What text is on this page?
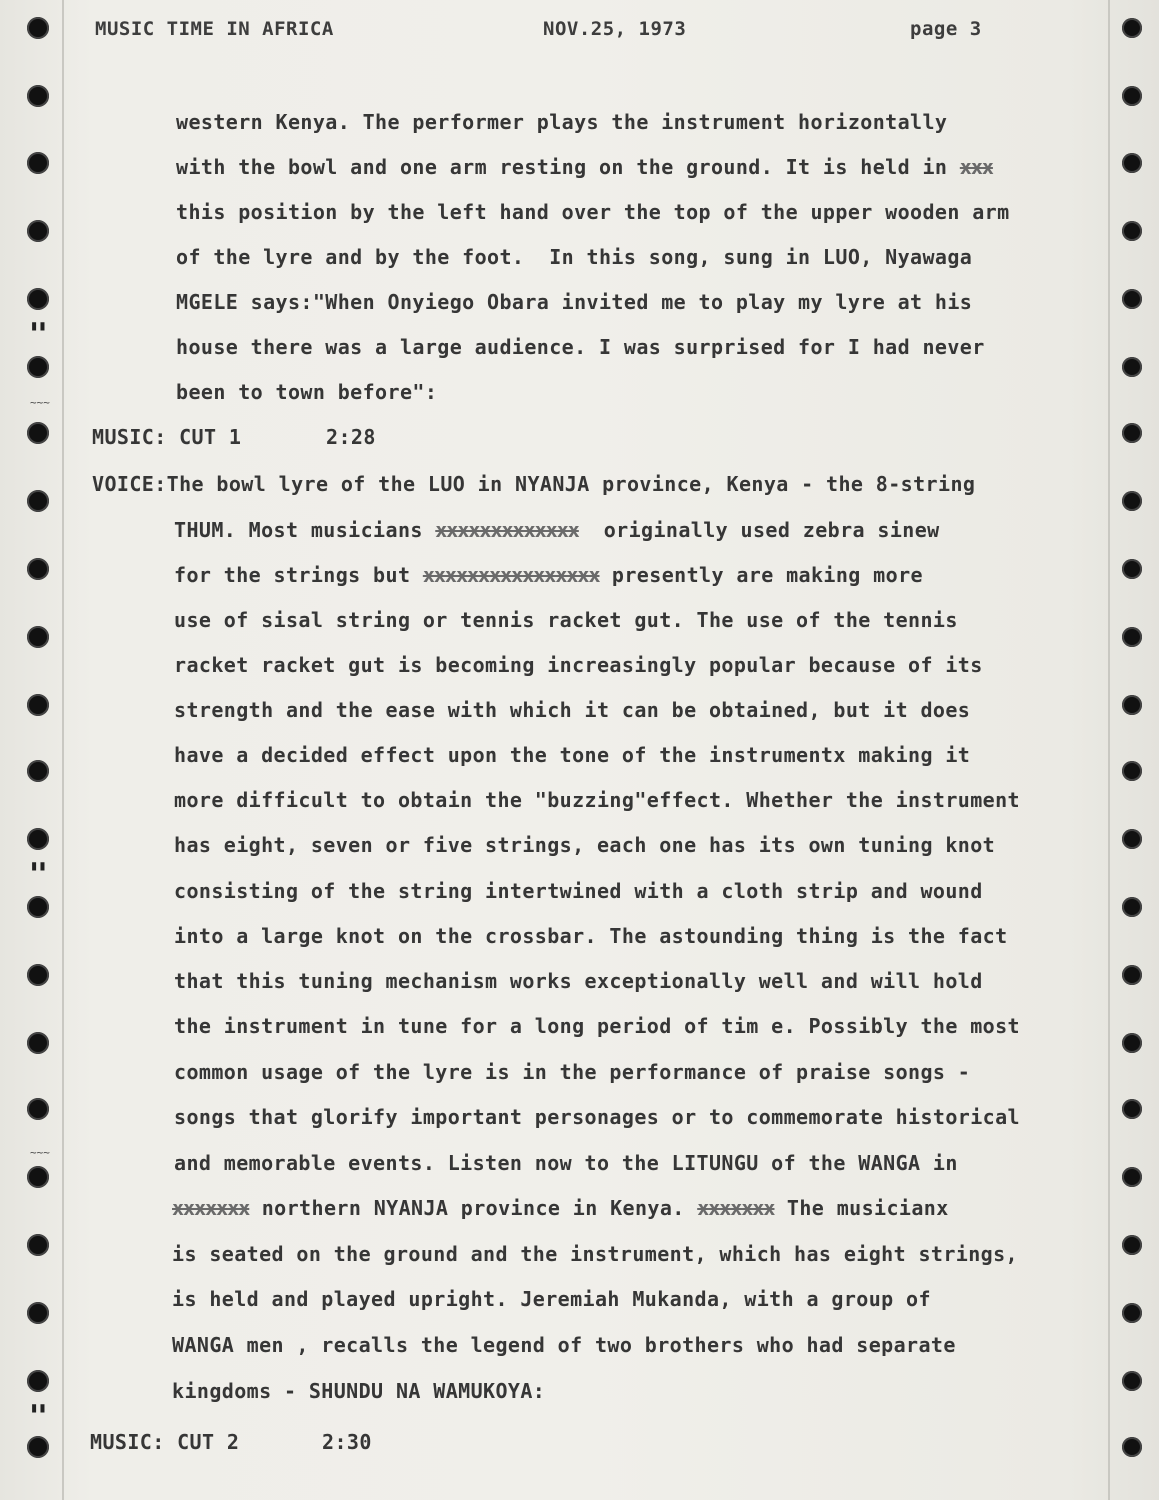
▮▮
▮▮
▮▮
~~~
~~~
MUSIC TIME IN AFRICA	NOV.25, 1973	page 3
western Kenya. The performer plays the instrument horizontally
with the bowl and one arm resting on the ground. It is held in xxx
this position by the left hand over the top of the upper wooden arm
of the lyre and by the foot.  In this song, sung in LUO, Nyawaga
MGELE says:"When Onyiego Obara invited me to play my lyre at his
house there was a large audience. I was surprised for I had never
been to town before":
MUSIC: CUT 1	2:28
VOICE:The bowl lyre of the LUO in NYANJA province, Kenya - the 8-string
THUM. Most musicians xxxxxxxxxxxxx  originally used zebra sinew
for the strings but xxxxxxxxxxxxxxxx presently are making more
use of sisal string or tennis racket gut. The use of the tennis
racket racket gut is becoming increasingly popular because of its
strength and the ease with which it can be obtained, but it does
have a decided effect upon the tone of the instrumentx making it
more difficult to obtain the "buzzing"effect. Whether the instrument
has eight, seven or five strings, each one has its own tuning knot
consisting of the string intertwined with a cloth strip and wound
into a large knot on the crossbar. The astounding thing is the fact
that this tuning mechanism works exceptionally well and will hold
the instrument in tune for a long period of tim e. Possibly the most
common usage of the lyre is in the performance of praise songs -
songs that glorify important personages or to commemorate historical
and memorable events. Listen now to the LITUNGU of the WANGA in
xxxxxxx northern NYANJA province in Kenya. xxxxxxx The musicianx
is seated on the ground and the instrument, which has eight strings,
is held and played upright. Jeremiah Mukanda, with a group of
WANGA men , recalls the legend of two brothers who had separate
kingdoms - SHUNDU NA WAMUKOYA:
MUSIC: CUT 2	2:30
